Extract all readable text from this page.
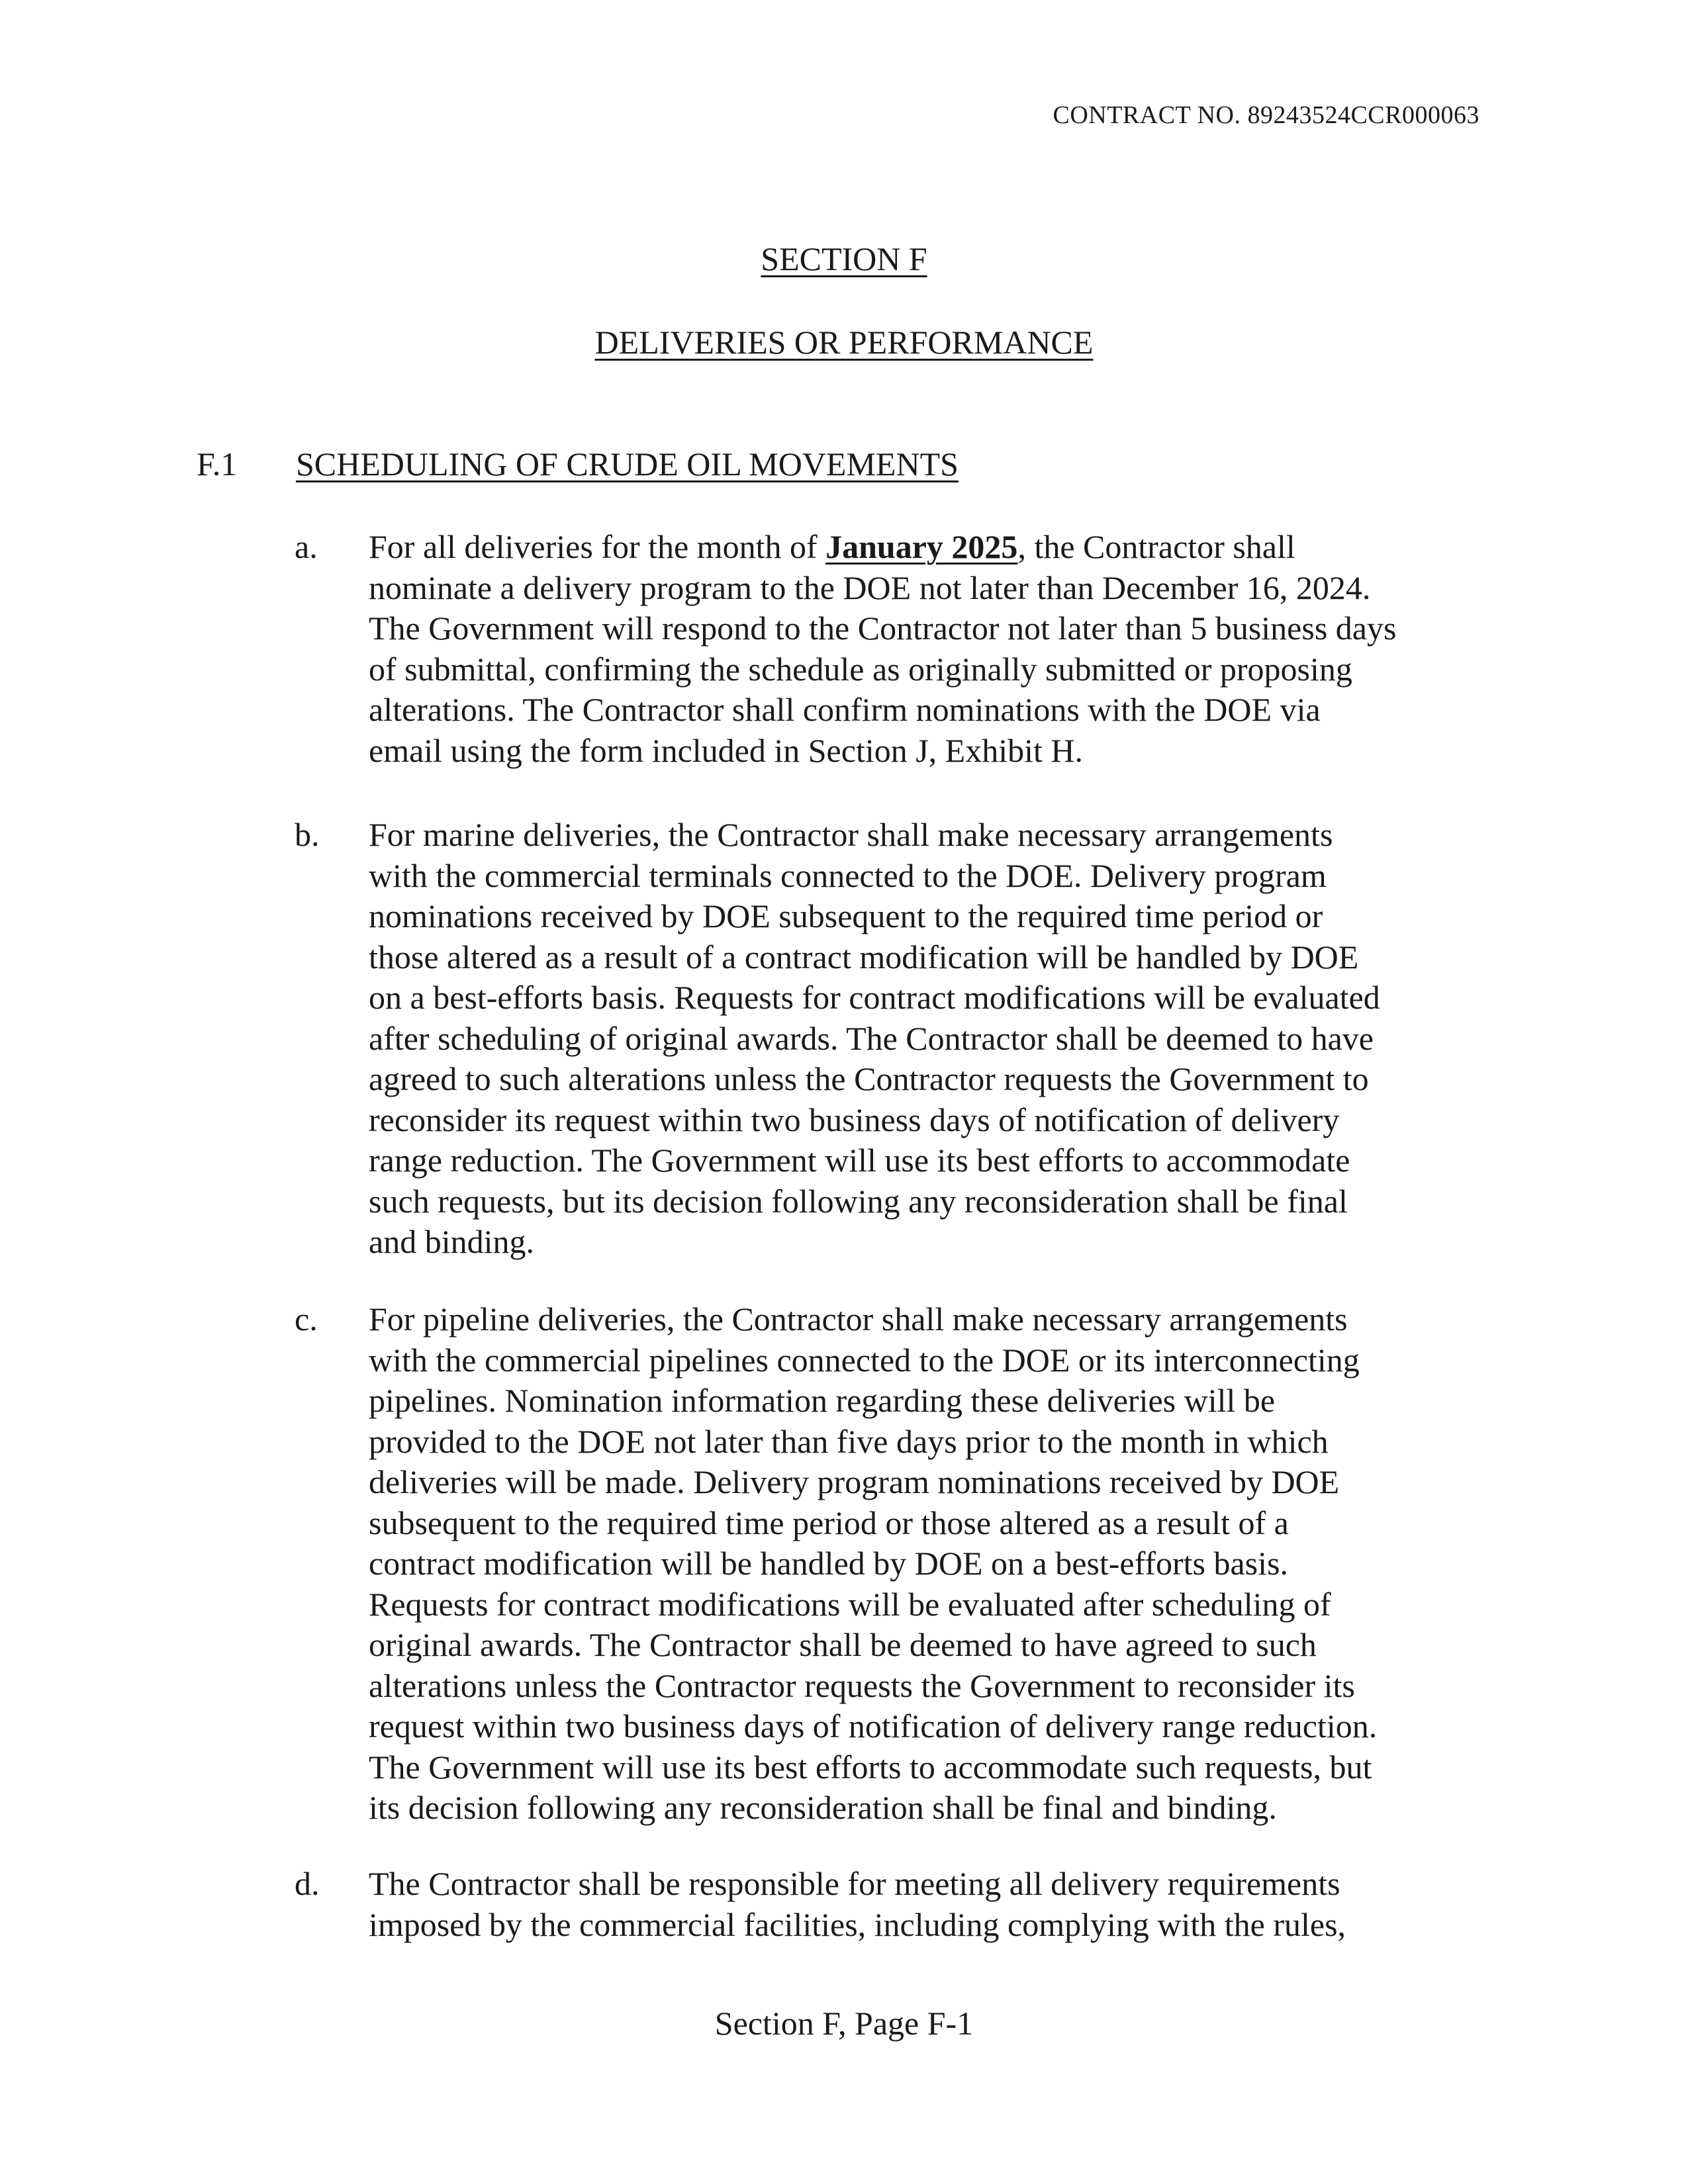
CONTRACT NO. 89243524CCR000063
SECTION F
DELIVERIES OR PERFORMANCE
F.1 SCHEDULING OF CRUDE OIL MOVEMENTS
a. For all deliveries for the month of January 2025, the Contractor shall
nominate a delivery program to the DOE not later than December 16, 2024.
The Government will respond to the Contractor not later than 5 business days
of submittal, confirming the schedule as originally submitted or proposing
alterations. The Contractor shall confirm nominations with the DOE via
email using the form included in Section J, Exhibit H.
b. For marine deliveries, the Contractor shall make necessary arrangements
with the commercial terminals connected to the DOE. Delivery program
nominations received by DOE subsequent to the required time period or
those altered as a result of a contract modification will be handled by DOE
on a best-efforts basis. Requests for contract modifications will be evaluated
after scheduling of original awards. The Contractor shall be deemed to have
agreed to such alterations unless the Contractor requests the Government to
reconsider its request within two business days of notification of delivery
range reduction. The Government will use its best efforts to accommodate
such requests, but its decision following any reconsideration shall be final
and binding.
c. For pipeline deliveries, the Contractor shall make necessary arrangements
with the commercial pipelines connected to the DOE or its interconnecting
pipelines. Nomination information regarding these deliveries will be
provided to the DOE not later than five days prior to the month in which
deliveries will be made. Delivery program nominations received by DOE
subsequent to the required time period or those altered as a result of a
contract modification will be handled by DOE on a best-efforts basis.
Requests for contract modifications will be evaluated after scheduling of
original awards. The Contractor shall be deemed to have agreed to such
alterations unless the Contractor requests the Government to reconsider its
request within two business days of notification of delivery range reduction.
The Government will use its best efforts to accommodate such requests, but
its decision following any reconsideration shall be final and binding.
d. The Contractor shall be responsible for meeting all delivery requirements
imposed by the commercial facilities, including complying with the rules,
Section F, Page F-1
